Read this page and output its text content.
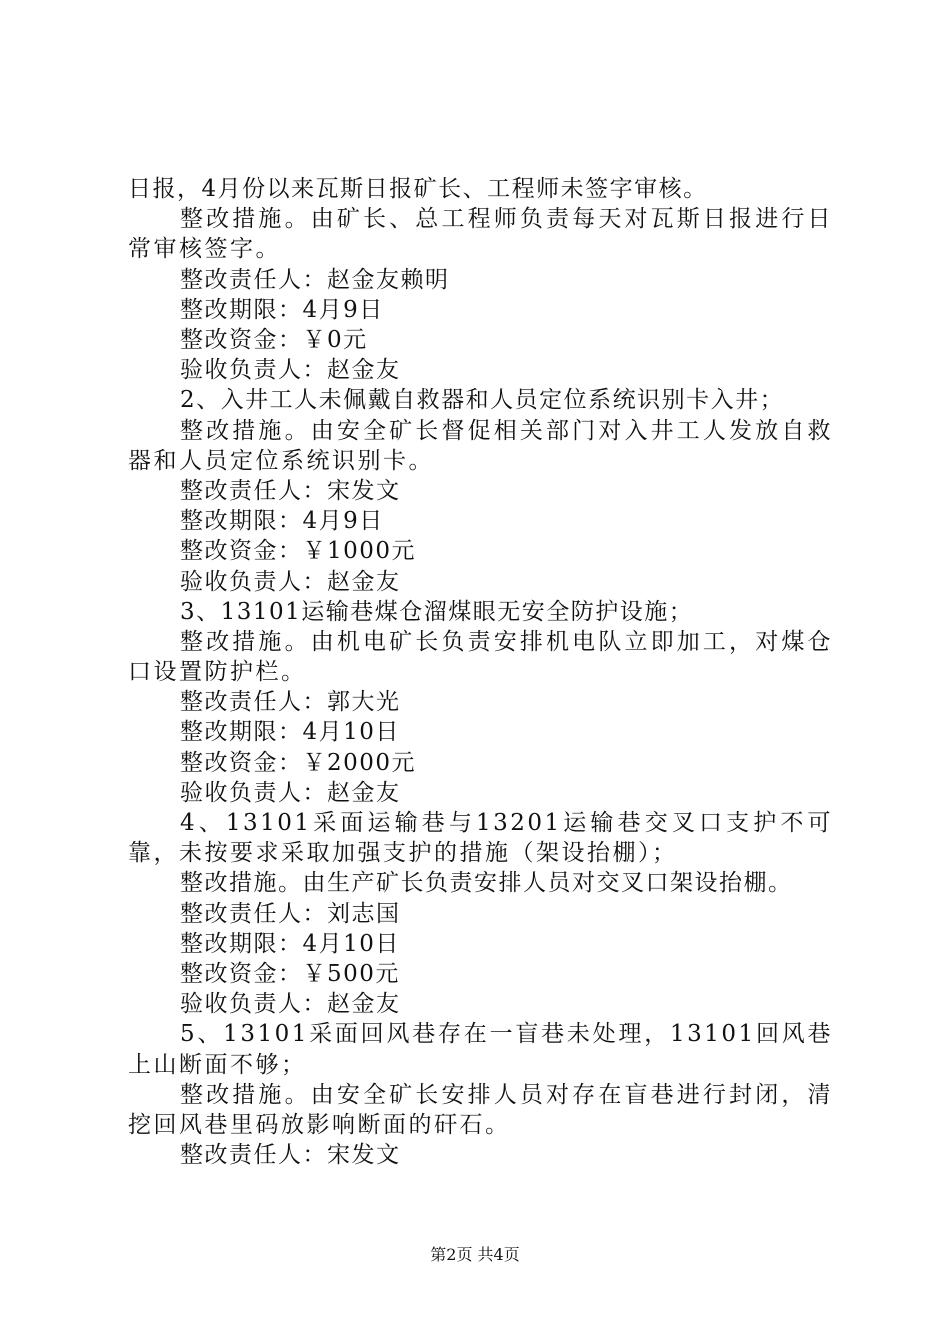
日报，4月份以来瓦斯日报矿长、工程师未签字审核。
整改措施。由矿长、总工程师负责每天对瓦斯日报进行日常审核签字。
整改责任人：赵金友赖明
整改期限：4月9日
整改资金：￥0元
验收负责人：赵金友
2、入井工人未佩戴自救器和人员定位系统识别卡入井；
整改措施。由安全矿长督促相关部门对入井工人发放自救器和人员定位系统识别卡。
整改责任人：宋发文
整改期限：4月9日
整改资金：￥1000元
验收负责人：赵金友
3、13101运输巷煤仓溜煤眼无安全防护设施；
整改措施。由机电矿长负责安排机电队立即加工，对煤仓口设置防护栏。
整改责任人：郭大光
整改期限：4月10日
整改资金：￥2000元
验收负责人：赵金友
4、13101采面运输巷与13201运输巷交叉口支护不可靠，未按要求采取加强支护的措施（架设抬棚）；
整改措施。由生产矿长负责安排人员对交叉口架设抬棚。
整改责任人：刘志国
整改期限：4月10日
整改资金：￥500元
验收负责人：赵金友
5、13101采面回风巷存在一盲巷未处理，13101回风巷上山断面不够；
整改措施。由安全矿长安排人员对存在盲巷进行封闭，清挖回风巷里码放影响断面的矸石。
整改责任人：宋发文
第2页 共4页
